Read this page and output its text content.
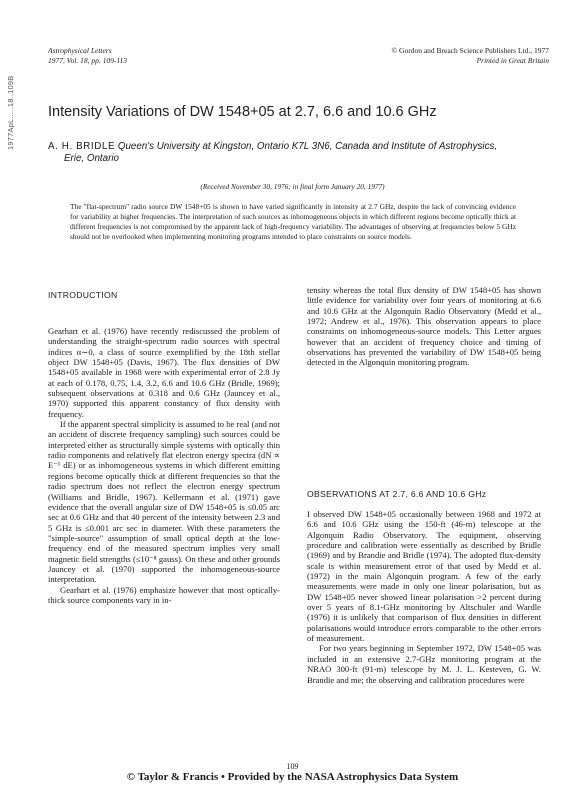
1977ApL.....18..109B
Astrophysical Letters
1977, Vol. 18, pp. 109-113
© Gordon and Breach Science Publishers Ltd., 1977
Printed in Great Britain
Intensity Variations of DW 1548+05 at 2.7, 6.6 and 10.6 GHz
A. H. BRIDLE Queen's University at Kingston, Ontario K7L 3N6, Canada and Institute of Astrophysics,
Erie, Ontario
(Received November 30, 1976; in final form January 20, 1977)
The "flat-spectrum" radio source DW 1548+05 is shown to have varied significantly in intensity at 2.7 GHz, despite the lack of convincing evidence for variability at higher frequencies. The interpretation of such sources as inhomogeneous objects in which different regions become optically thick at different frequencies is not compromised by the apparent lack of high-frequency variability. The advantages of observing at frequencies below 5 GHz should not be overlooked when implementing monitoring programs intended to place constraints on source models.
INTRODUCTION

Gearhart et al. (1976) have recently rediscussed the problem of understanding the straight-spectrum radio sources with spectral indices α∼0, a class of source exemplified by the 18th stellar object DW 1548+05 (Davis, 1967). The flux densities of DW 1548+05 available in 1968 were with experimental error of 2.8 Jy at each of 0.178, 0.75, 1.4, 3.2, 6.6 and 10.6 GHz (Bridle, 1969); subsequent observations at 0.318 and 0.6 GHz (Jauncey et al., 1970) supported this apparent constancy of flux density with frequency.

If the apparent spectral simplicity is assumed to be real (and not an accident of discrete frequency sampling) such sources could be interpreted either as structurally simple systems with optically thin radio components and relatively flat electron energy spectra (dN ∝ E⁻¹ dE) or as inhomogeneous systems in which different emitting regions become optically thick at different frequencies so that the radio spectrum does not reflect the electron energy spectrum (Williams and Bridle, 1967). Kellermann et al. (1971) gave evidence that the overall angular size of DW 1548+05 is ≤0.05 arc sec at 0.6 GHz and that 40 percent of the intensity between 2.3 and 5 GHz is ≤0.001 arc sec in diameter. With these parameters the "simple-source" assumption of small optical depth at the low-frequency end of the measured spectrum implies very small magnetic field strengths (≤10⁻⁸ gauss). On these and other grounds Jauncey et al. (1970) supported the inhomogeneous-source interpretation.

Gearhart et al. (1976) emphasize however that most optically-thick source components vary in in-

tensity whereas the total flux density of DW 1548+05 has shown little evidence for variability over four years of monitoring at 6.6 and 10.6 GHz at the Algonquin Radio Observatory (Medd et al., 1972; Andrew et al., 1976). This observation appears to place constraints on inhomogeneous-source models. This Letter argues however that an accident of frequency choice and timing of observations has prevented the variability of DW 1548+05 being detected in the Algonquin monitoring program.

OBSERVATIONS AT 2.7, 6.6 AND 10.6 GHz

I observed DW 1548+05 occasionally between 1968 and 1972 at 6.6 and 10.6 GHz using the 150-ft (46-m) telescope at the Algonquin Radio Observatory. The equipment, observing procedure and calibration were essentially as described by Bridle (1969) and by Brandie and Bridle (1974). The adopted flux-density scale is within measurement error of that used by Medd et al. (1972) in the main Algonquin program. A few of the early measurements were made in only one linear polarisation, but as DW 1548+05 never showed linear polarisation >2 percent during over 5 years of 8.1-GHz monitoring by Altschuler and Wardle (1976) it is unlikely that comparison of flux densities in different polarisations would introduce errors comparable to the other errors of measurement.

For two years beginning in September 1972, DW 1548+05 was included in an extensive 2.7-GHz monitoring program at the NRAO 300-ft (91-m) telescope by M. J. L. Kesteven, G. W. Brandie and me; the observing and calibration procedures were

109
© Taylor & Francis • Provided by the NASA Astrophysics Data System
